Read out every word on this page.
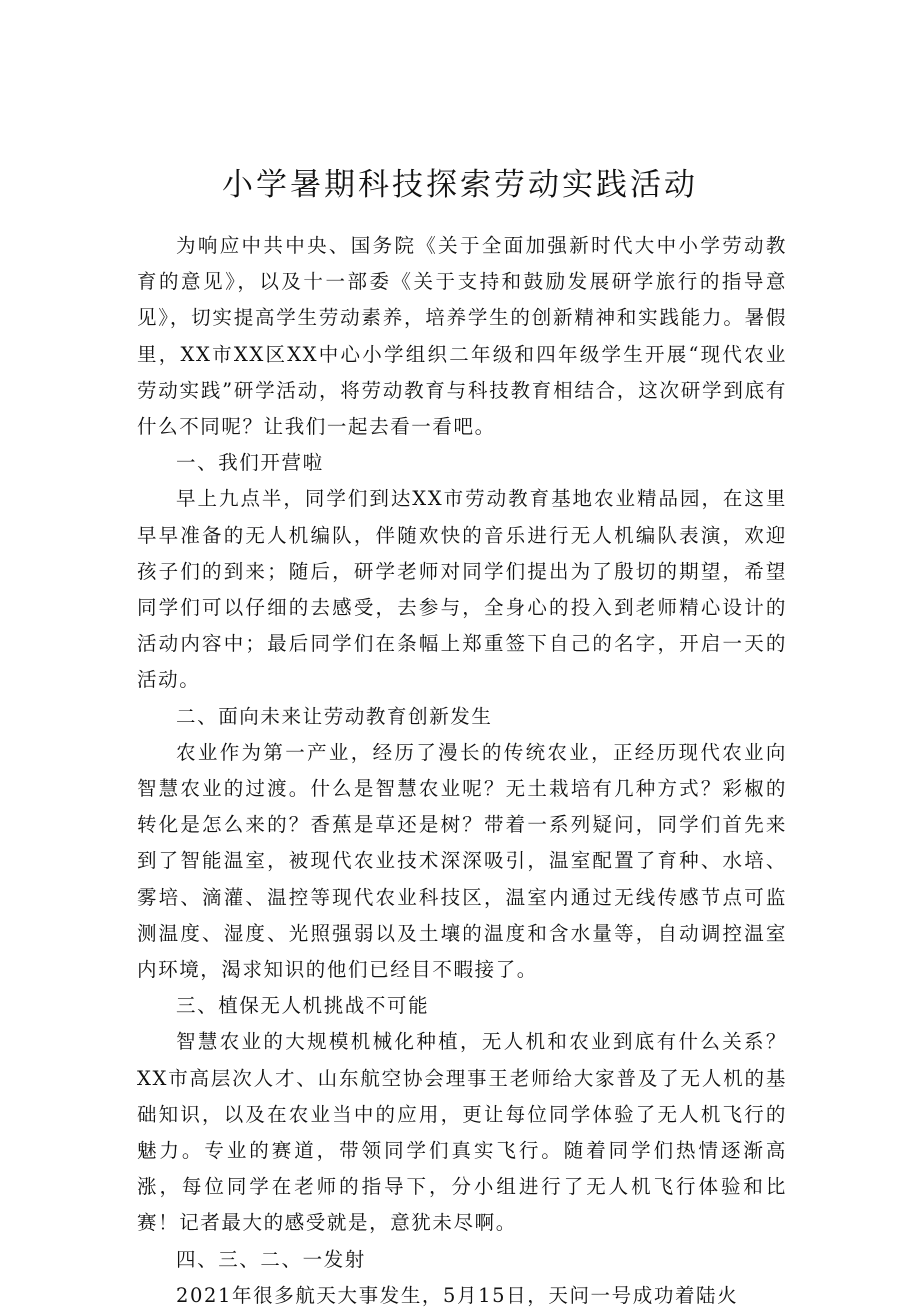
小学暑期科技探索劳动实践活动

为响应中共中央、国务院《关于全面加强新时代大中小学劳动教育的意见》，以及十一部委《关于支持和鼓励发展研学旅行的指导意见》，切实提高学生劳动素养，培养学生的创新精神和实践能力。暑假里，XX市XX区XX中心小学组织二年级和四年级学生开展“现代农业劳动实践”研学活动，将劳动教育与科技教育相结合，这次研学到底有什么不同呢？让我们一起去看一看吧。

一、我们开营啦

早上九点半，同学们到达XX市劳动教育基地农业精品园，在这里早早准备的无人机编队，伴随欢快的音乐进行无人机编队表演，欢迎孩子们的到来；随后，研学老师对同学们提出为了殷切的期望，希望同学们可以仔细的去感受，去参与，全身心的投入到老师精心设计的活动内容中；最后同学们在条幅上郑重签下自己的名字，开启一天的活动。

二、面向未来让劳动教育创新发生

农业作为第一产业，经历了漫长的传统农业，正经历现代农业向智慧农业的过渡。什么是智慧农业呢？无土栽培有几种方式？彩椒的转化是怎么来的？香蕉是草还是树？带着一系列疑问，同学们首先来到了智能温室，被现代农业技术深深吸引，温室配置了育种、水培、雾培、滴灌、温控等现代农业科技区，温室内通过无线传感节点可监测温度、湿度、光照强弱以及土壤的温度和含水量等，自动调控温室内环境，渴求知识的他们已经目不暇接了。

三、植保无人机挑战不可能

智慧农业的大规模机械化种植，无人机和农业到底有什么关系？XX市高层次人才、山东航空协会理事王老师给大家普及了无人机的基础知识，以及在农业当中的应用，更让每位同学体验了无人机飞行的魅力。专业的赛道，带领同学们真实飞行。随着同学们热情逐渐高涨，每位同学在老师的指导下，分小组进行了无人机飞行体验和比赛！记者最大的感受就是，意犹未尽啊。

四、三、二、一发射

2021年很多航天大事发生，5月15日，天问一号成功着陆火
